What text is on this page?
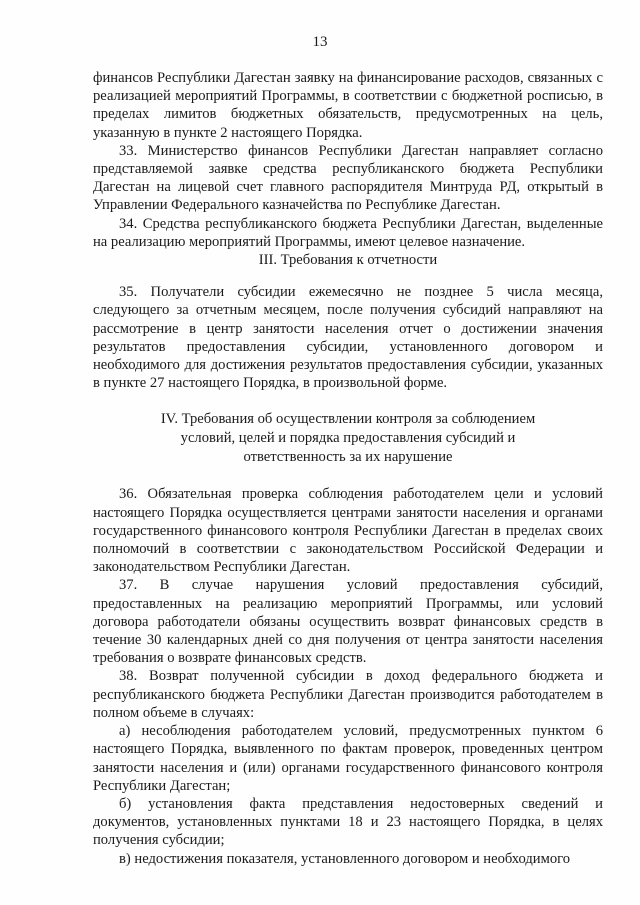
13

финансов Республики Дагестан заявку на финансирование расходов, связанных с реализацией мероприятий Программы, в соответствии с бюджетной росписью, в пределах лимитов бюджетных обязательств, предусмотренных на цель, указанную в пункте 2 настоящего Порядка.

33. Министерство финансов Республики Дагестан направляет согласно представляемой заявке средства республиканского бюджета Республики Дагестан на лицевой счет главного распорядителя Минтруда РД, открытый в Управлении Федерального казначейства по Республике Дагестан.

34. Средства республиканского бюджета Республики Дагестан, выделенные на реализацию мероприятий Программы, имеют целевое назначение.

III. Требования к отчетности

35. Получатели субсидии ежемесячно не позднее 5 числа месяца, следующего за отчетным месяцем, после получения субсидий направляют на рассмотрение в центр занятости населения отчет о достижении значения результатов предоставления субсидии, установленного договором и необходимого для достижения результатов предоставления субсидии, указанных в пункте 27 настоящего Порядка, в произвольной форме.

IV. Требования об осуществлении контроля за соблюдением

условий, целей и порядка предоставления субсидий и

ответственность за их нарушение

36. Обязательная проверка соблюдения работодателем цели и условий настоящего Порядка осуществляется центрами занятости населения и органами государственного финансового контроля Республики Дагестан в пределах своих полномочий в соответствии с законодательством Российской Федерации и законодательством Республики Дагестан.

37. В случае нарушения условий предоставления субсидий, предоставленных на реализацию мероприятий Программы, или условий договора работодатели обязаны осуществить возврат финансовых средств в течение 30 календарных дней со дня получения от центра занятости населения требования о возврате финансовых средств.

38. Возврат полученной субсидии в доход федерального бюджета и республиканского бюджета Республики Дагестан производится работодателем в полном объеме в случаях:

а) несоблюдения работодателем условий, предусмотренных пунктом 6 настоящего Порядка, выявленного по фактам проверок, проведенных центром занятости населения и (или) органами государственного финансового контроля Республики Дагестан;

б) установления факта представления недостоверных сведений и документов, установленных пунктами 18 и 23 настоящего Порядка, в целях получения субсидии;

в) недостижения показателя, установленного договором и необходимого
